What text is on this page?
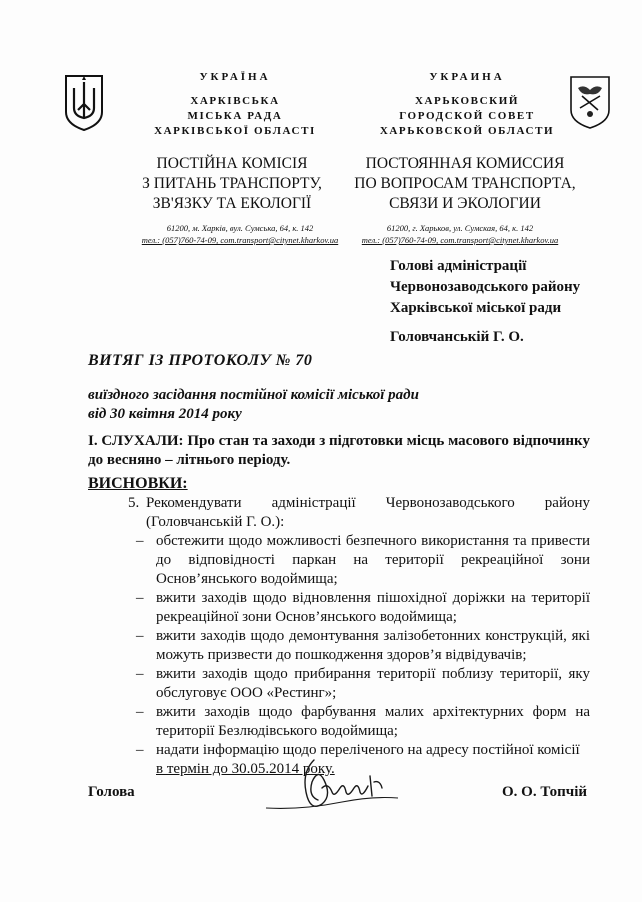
УКРАЇНА
ХАРКІВСЬКА
МІСЬКА РАДА
ХАРКІВСЬКОЇ ОБЛАСТІ
ПОСТІЙНА КОМІСІЯ
З ПИТАНЬ ТРАНСПОРТУ,
ЗВ'ЯЗКУ ТА ЕКОЛОГІЇ
61200, м. Харків, вул. Сумська, 64, к. 142
тел.: (057)760-74-09, com.transport@citynet.kharkov.ua
УКРАИНА
ХАРЬКОВСКИЙ
ГОРОДСКОЙ СОВЕТ
ХАРЬКОВСКОЙ ОБЛАСТИ
ПОСТОЯННАЯ КОМИССИЯ
ПО ВОПРОСАМ ТРАНСПОРТА,
СВЯЗИ И ЭКОЛОГИИ
61200, г. Харьков, ул. Сумская, 64, к. 142
тел.: (057)760-74-09, com.transport@citynet.kharkov.ua
Голові адміністрації
Червонозаводського району
Харківської міської ради
Головчанській Г. О.
ВИТЯГ ІЗ ПРОТОКОЛУ № 70
виїздного засідання постійної комісії міської ради
від 30 квітня 2014 року
І. СЛУХАЛИ: Про стан та заходи з підготовки місць масового відпочинку до весняно – літнього періоду.
ВИСНОВКИ:
5. Рекомендувати адміністрації Червонозаводського району (Головчанській Г. О.):
– обстежити щодо можливості безпечного використання та привести до відповідності паркан на території рекреаційної зони Основ’янського водоймища;
– вжити заходів щодо відновлення пішохідної доріжки на території рекреаційної зони Основ’янського водоймища;
– вжити заходів щодо демонтування залізобетонних конструкцій, які можуть призвести до пошкодження здоров’я відвідувачів;
– вжити заходів щодо прибирання території поблизу території, яку обслуговує ООО «Рестинг»;
– вжити заходів щодо фарбування малих архітектурних форм на території Безлюдівського водоймища;
– надати інформацію щодо переліченого на адресу постійної комісії
в термін до 30.05.2014 року.
Голова	О. О. Топчій
